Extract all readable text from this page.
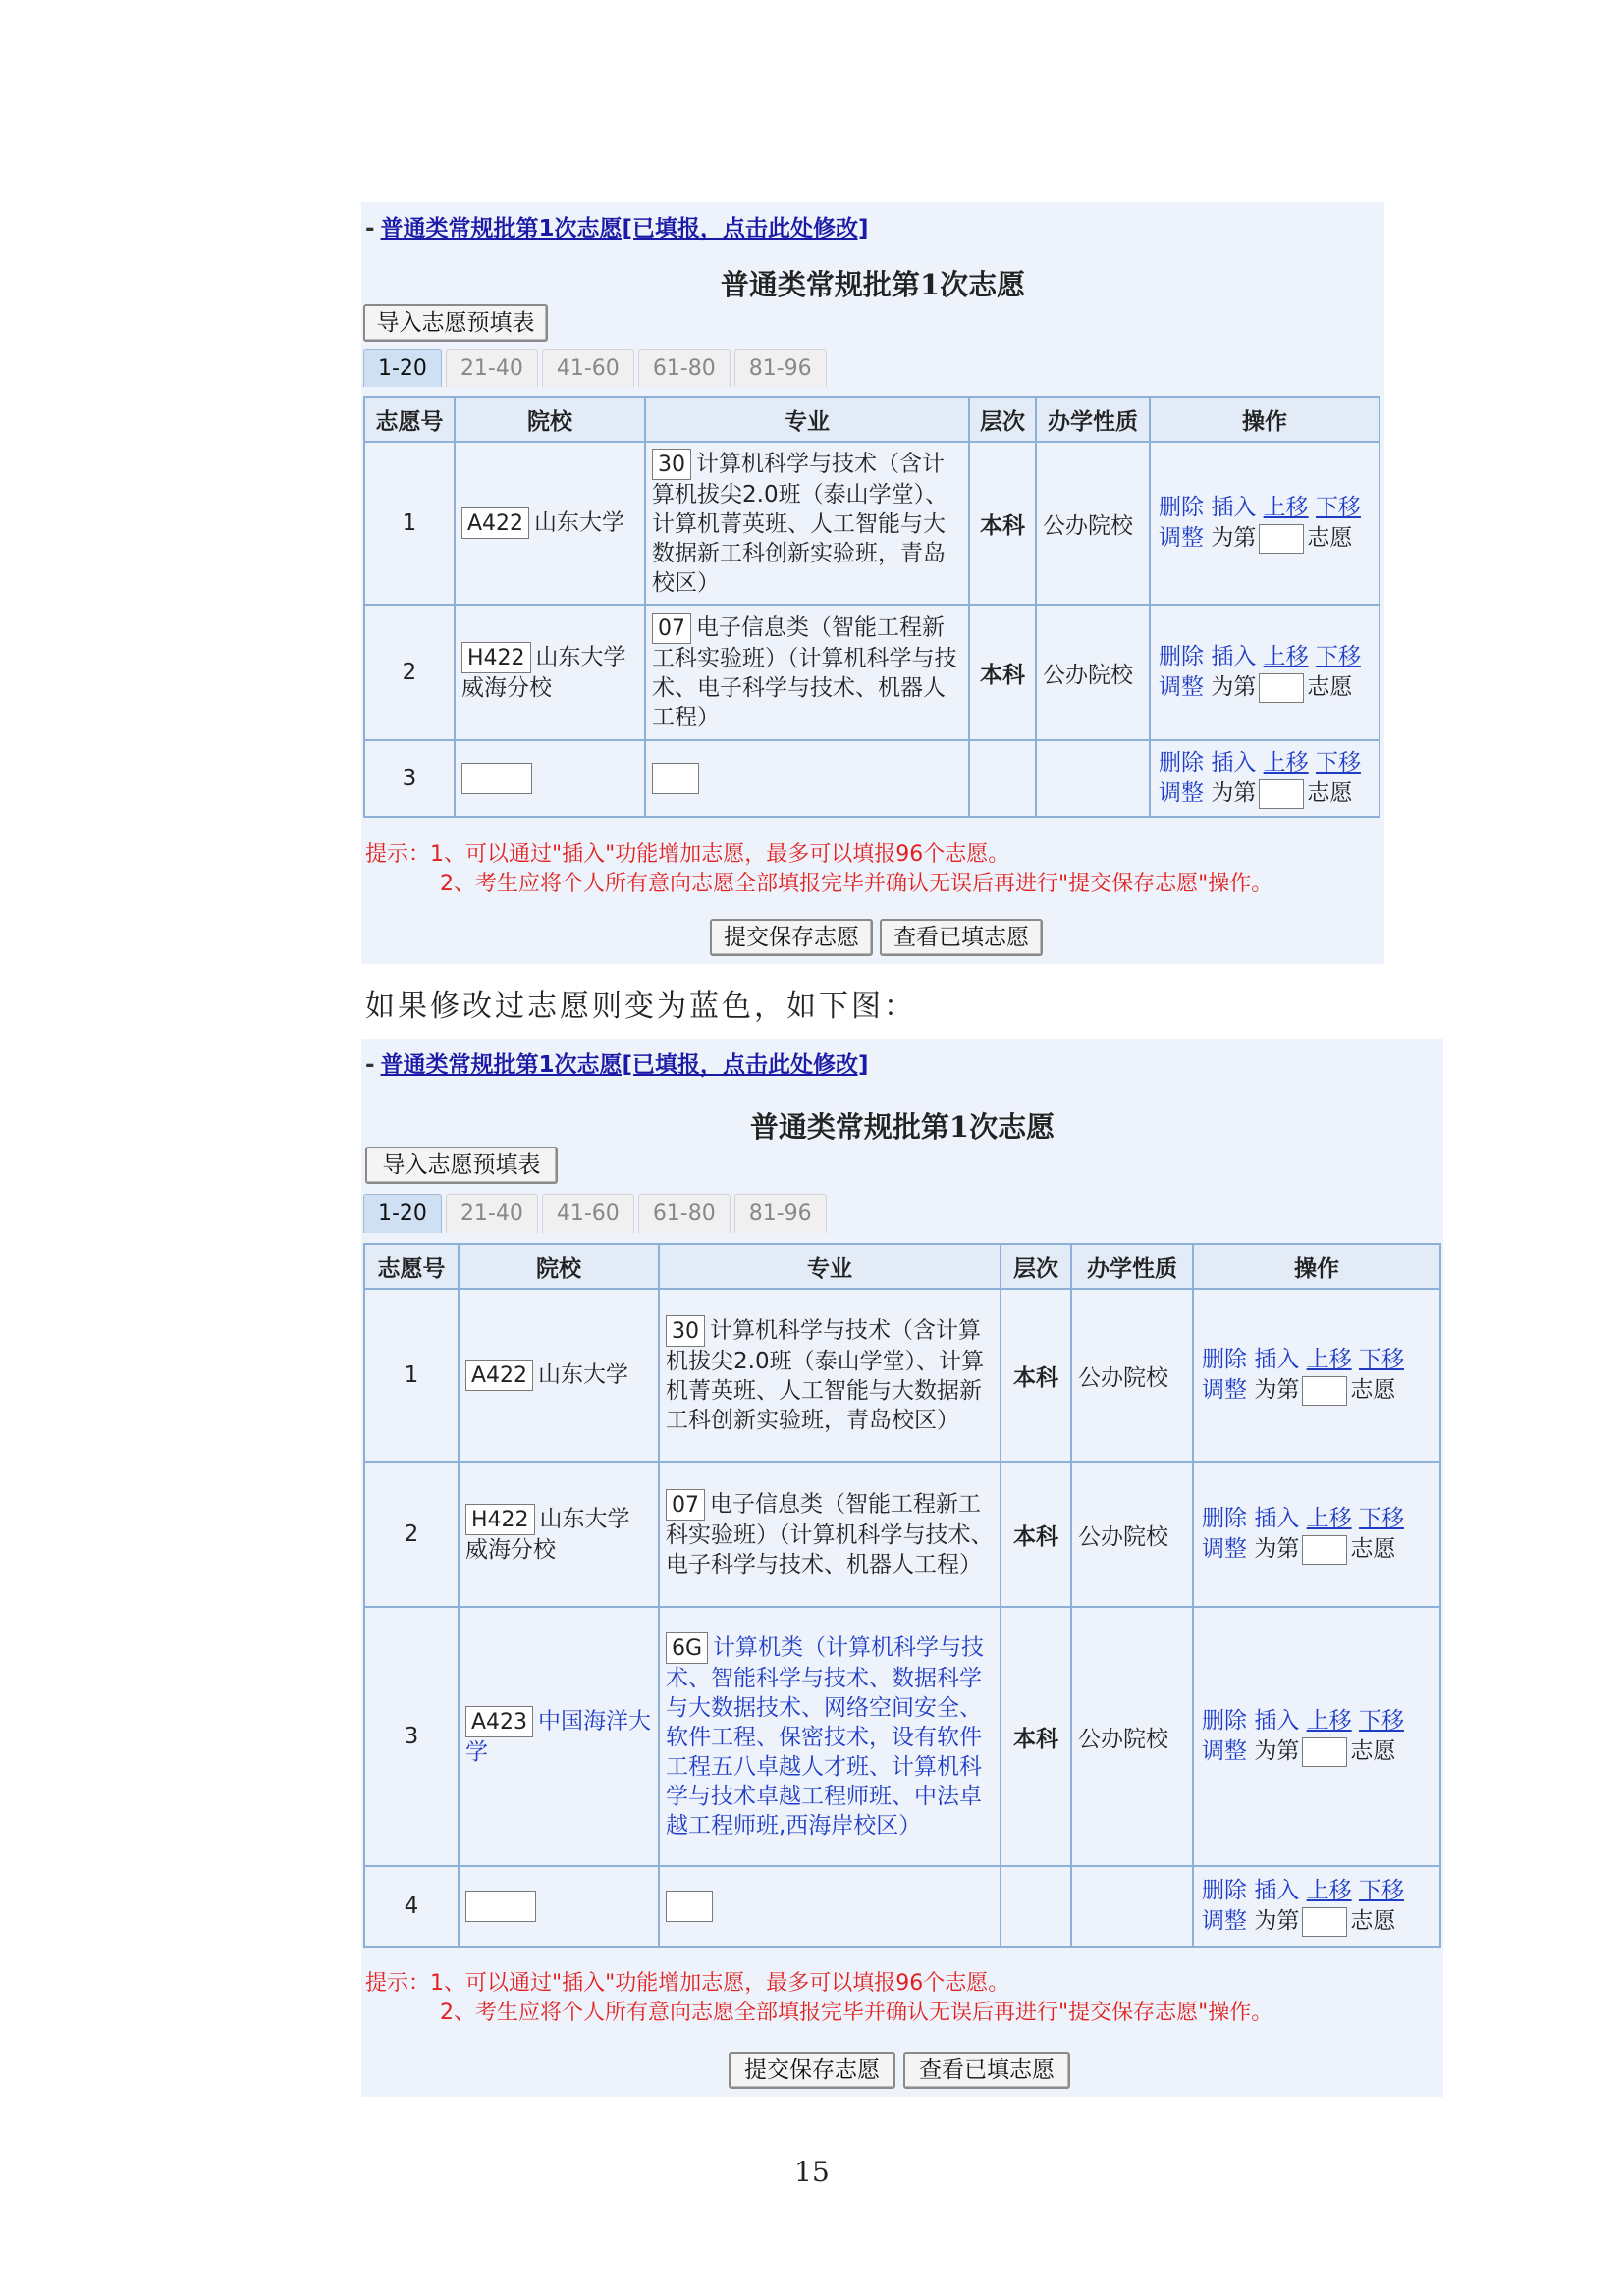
- 普通类常规批第1次志愿[已填报，点击此处修改]
普通类常规批第1次志愿
导入志愿预填表
1-20	21-40	41-60	61-80	81-96
志愿号	院校	专业	层次	办学性质	操作
1	A422 山东大学	30 计算机科学与技术（含计算机拔尖2.0班（泰山学堂）、计算机菁英班、人工智能与大数据新工科创新实验班，青岛校区）	本科	公办院校	删除 插入 上移 下移
调整 为第 志愿
2	H422 山东大学威海分校	07 电子信息类（智能工程新工科实验班）（计算机科学与技术、电子科学与技术、机器人工程）	本科	公办院校	删除 插入 上移 下移
调整 为第 志愿
3					删除 插入 上移 下移
调整 为第 志愿
提示：1、可以通过"插入"功能增加志愿，最多可以填报96个志愿。
2、考生应将个人所有意向志愿全部填报完毕并确认无误后再进行"提交保存志愿"操作。
提交保存志愿	查看已填志愿
如果修改过志愿则变为蓝色，如下图：
- 普通类常规批第1次志愿[已填报，点击此处修改]
普通类常规批第1次志愿
导入志愿预填表
1-20	21-40	41-60	61-80	81-96
志愿号	院校	专业	层次	办学性质	操作
1	A422 山东大学	30 计算机科学与技术（含计算机拔尖2.0班（泰山学堂）、计算机菁英班、人工智能与大数据新工科创新实验班，青岛校区）	本科	公办院校	删除 插入 上移 下移
调整 为第 志愿
2	H422 山东大学威海分校	07 电子信息类（智能工程新工科实验班）（计算机科学与技术、电子科学与技术、机器人工程）	本科	公办院校	删除 插入 上移 下移
调整 为第 志愿
3	A423 中国海洋大学	6G 计算机类（计算机科学与技术、智能科学与技术、数据科学与大数据技术、网络空间安全、软件工程、保密技术，设有软件工程五八卓越人才班、计算机科学与技术卓越工程师班、中法卓越工程师班,西海岸校区）	本科	公办院校	删除 插入 上移 下移
调整 为第 志愿
4					删除 插入 上移 下移
调整 为第 志愿
提示：1、可以通过"插入"功能增加志愿，最多可以填报96个志愿。
2、考生应将个人所有意向志愿全部填报完毕并确认无误后再进行"提交保存志愿"操作。
提交保存志愿	查看已填志愿
15
